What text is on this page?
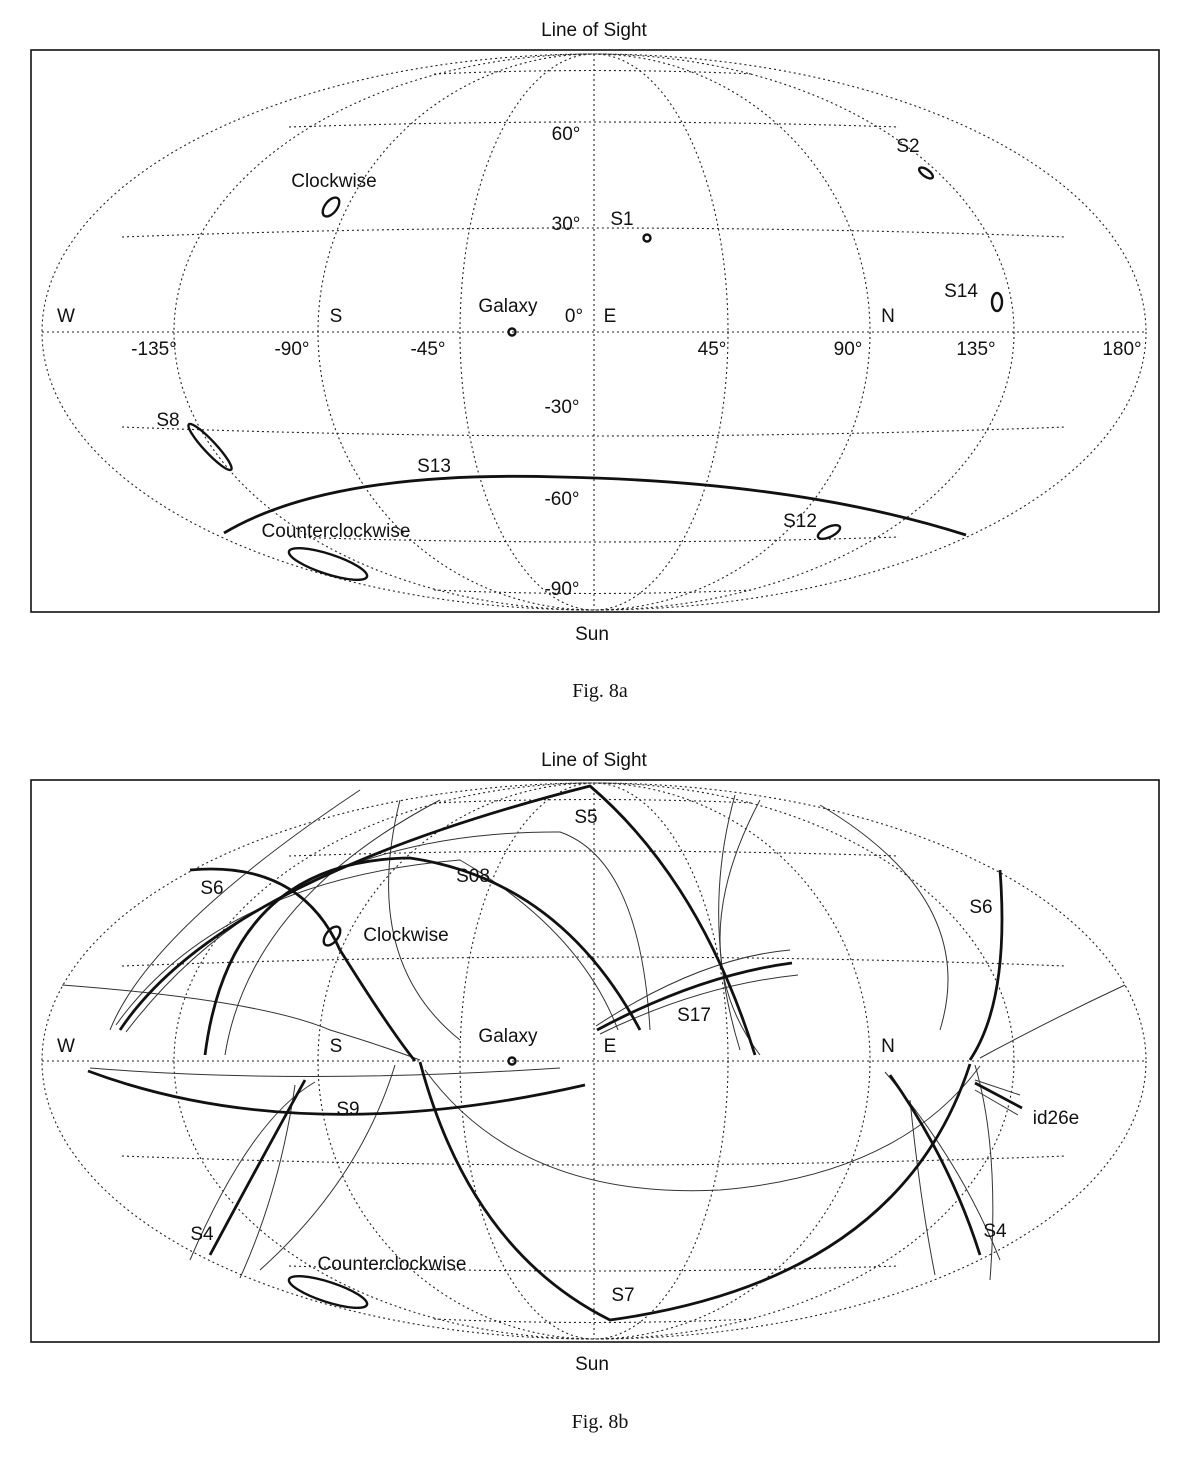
Line of Sight
W	S	E	N
-135°	-90°	-45°
0°
45°	90°	135°	180°
60°
30°
-30°
-60°
-90°
Galaxy
S1
S2
S14
S8
S12
S13
Clockwise
Counterclockwise
Sun
Fig. 8a
Line of Sight
W	S	E	N
Galaxy
Clockwise
Counterclockwise
S5
S6
S08
S6
S17
S9	id26e
S4	S4
S7
Sun
Fig. 8b
